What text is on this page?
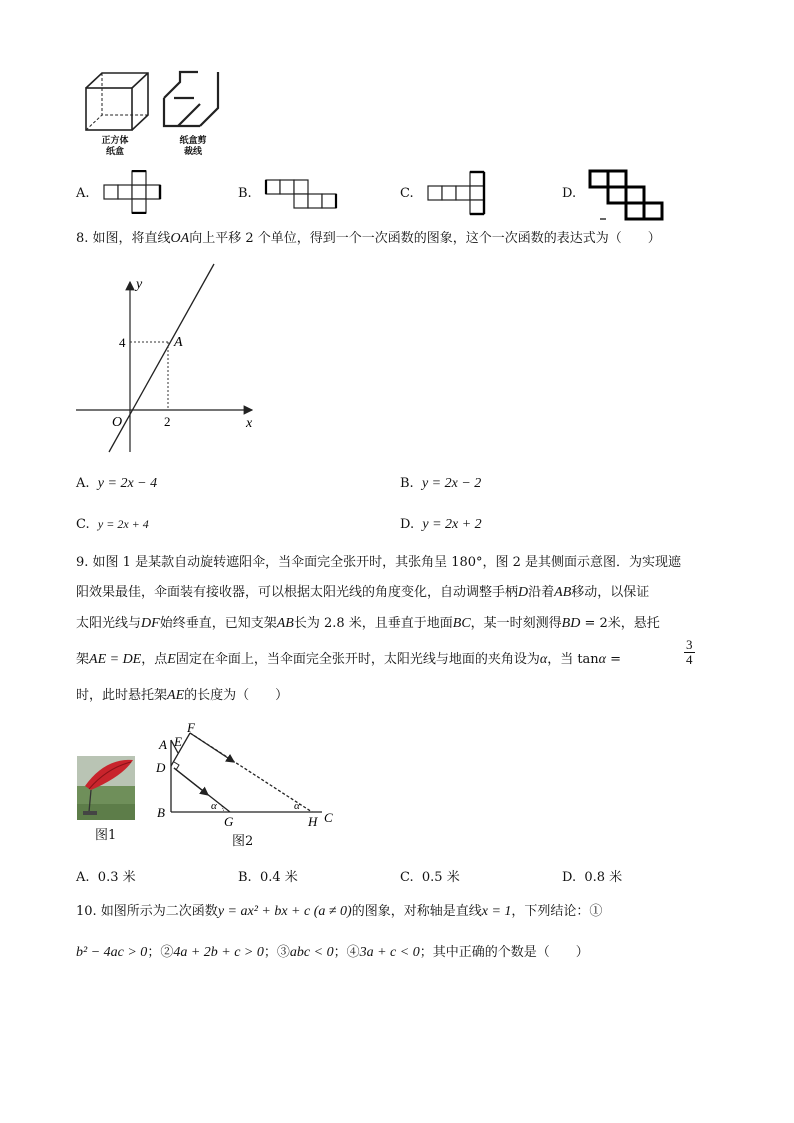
正方体
纸盒
纸盒剪
裁线
A.	B.	C.	D.
8. 如图，将直线OA向上平移 2 个单位，得到一个一次函数的图象，这个一次函数的表达式为（　　）
y
x
O
A
4
2
A. y = 2x − 4	B. y = 2x − 2
C. y = 2x + 4	D. y = 2x + 2
9. 如图 1 是某款自动旋转遮阳伞，当伞面完全张开时，其张角呈 180°，图 2 是其侧面示意图．为实现遮
阳效果最佳，伞面装有接收器，可以根据太阳光线的角度变化，自动调整手柄D沿着AB移动，以保证
太阳光线与DF始终垂直，已知支架AB长为 2.8 米，且垂直于地面BC，某一时刻测得BD = 2米，悬托
架AE = DE，点E固定在伞面上，当伞面完全张开时，太阳光线与地面的夹角设为α，当 tanα =	$\frac{3}{4}$
时，此时悬托架AE的长度为（　　）
图1
A E
F
D
B
G	H C
α	α
图2
A. 0.3 米	B. 0.4 米	C. 0.5 米	D. 0.8 米
10. 如图所示为二次函数y = ax² + bx + c (a ≠ 0)的图象，对称轴是直线x = 1，下列结论：①
b² − 4ac > 0；②4a + 2b + c > 0；③abc < 0；④3a + c < 0；其中正确的个数是（　　）
